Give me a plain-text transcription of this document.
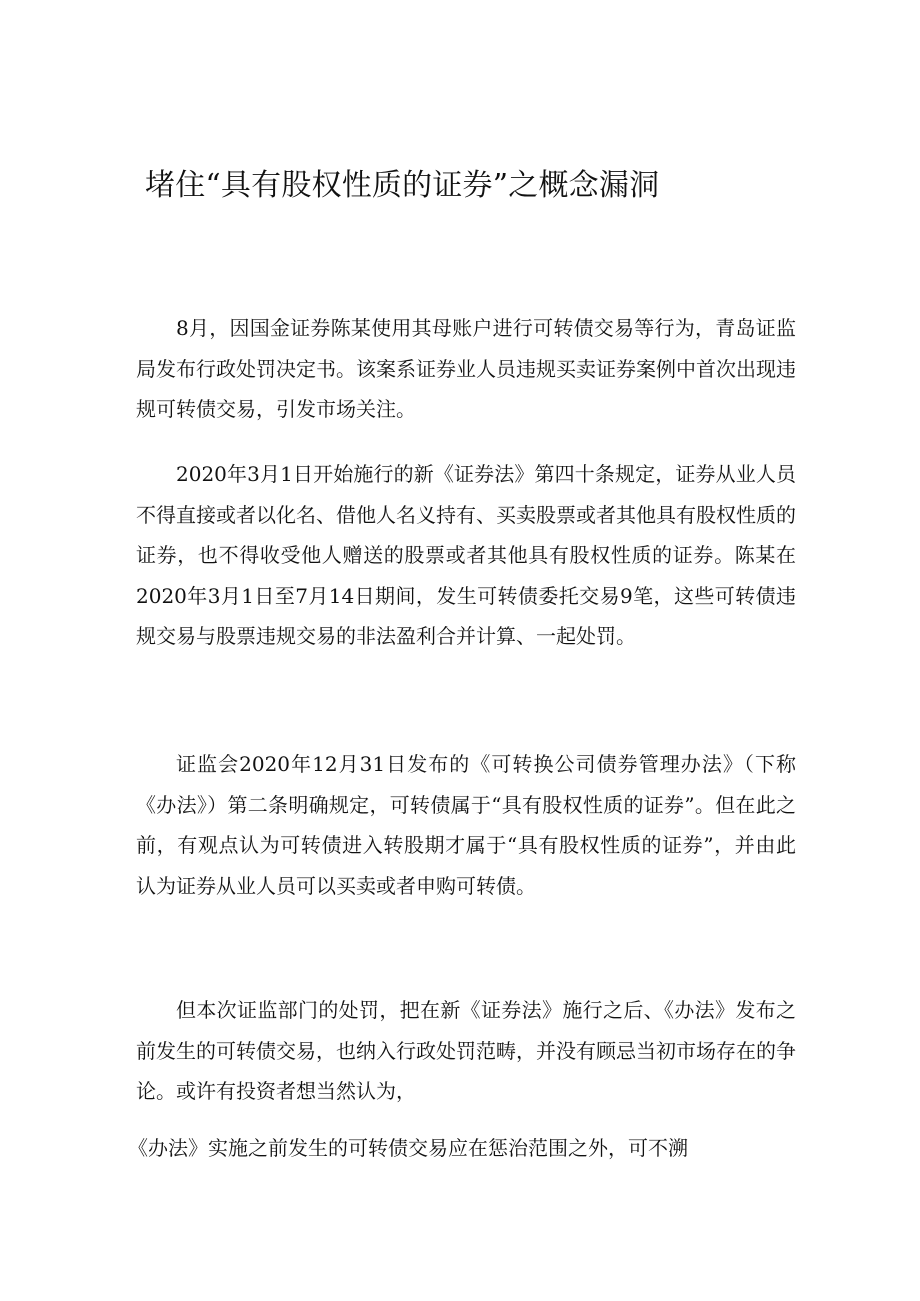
堵住“具有股权性质的证券”之概念漏洞

8月，因国金证券陈某使用其母账户进行可转债交易等行为，青岛证监局发布行政处罚决定书。该案系证券业人员违规买卖证券案例中首次出现违规可转债交易，引发市场关注。

2020年3月1日开始施行的新《证券法》第四十条规定，证券从业人员不得直接或者以化名、借他人名义持有、买卖股票或者其他具有股权性质的证券，也不得收受他人赠送的股票或者其他具有股权性质的证券。陈某在2020年3月1日至7月14日期间，发生可转债委托交易9笔，这些可转债违规交易与股票违规交易的非法盈利合并计算、一起处罚。

证监会2020年12月31日发布的《可转换公司债券管理办法》（下称《办法》）第二条明确规定，可转债属于“具有股权性质的证券”。但在此之前，有观点认为可转债进入转股期才属于“具有股权性质的证券”，并由此认为证券从业人员可以买卖或者申购可转债。

但本次证监部门的处罚，把在新《证券法》施行之后、《办法》发布之前发生的可转债交易，也纳入行政处罚范畴，并没有顾忌当初市场存在的争论。或许有投资者想当然认为，

《办法》实施之前发生的可转债交易应在惩治范围之外，可不溯
